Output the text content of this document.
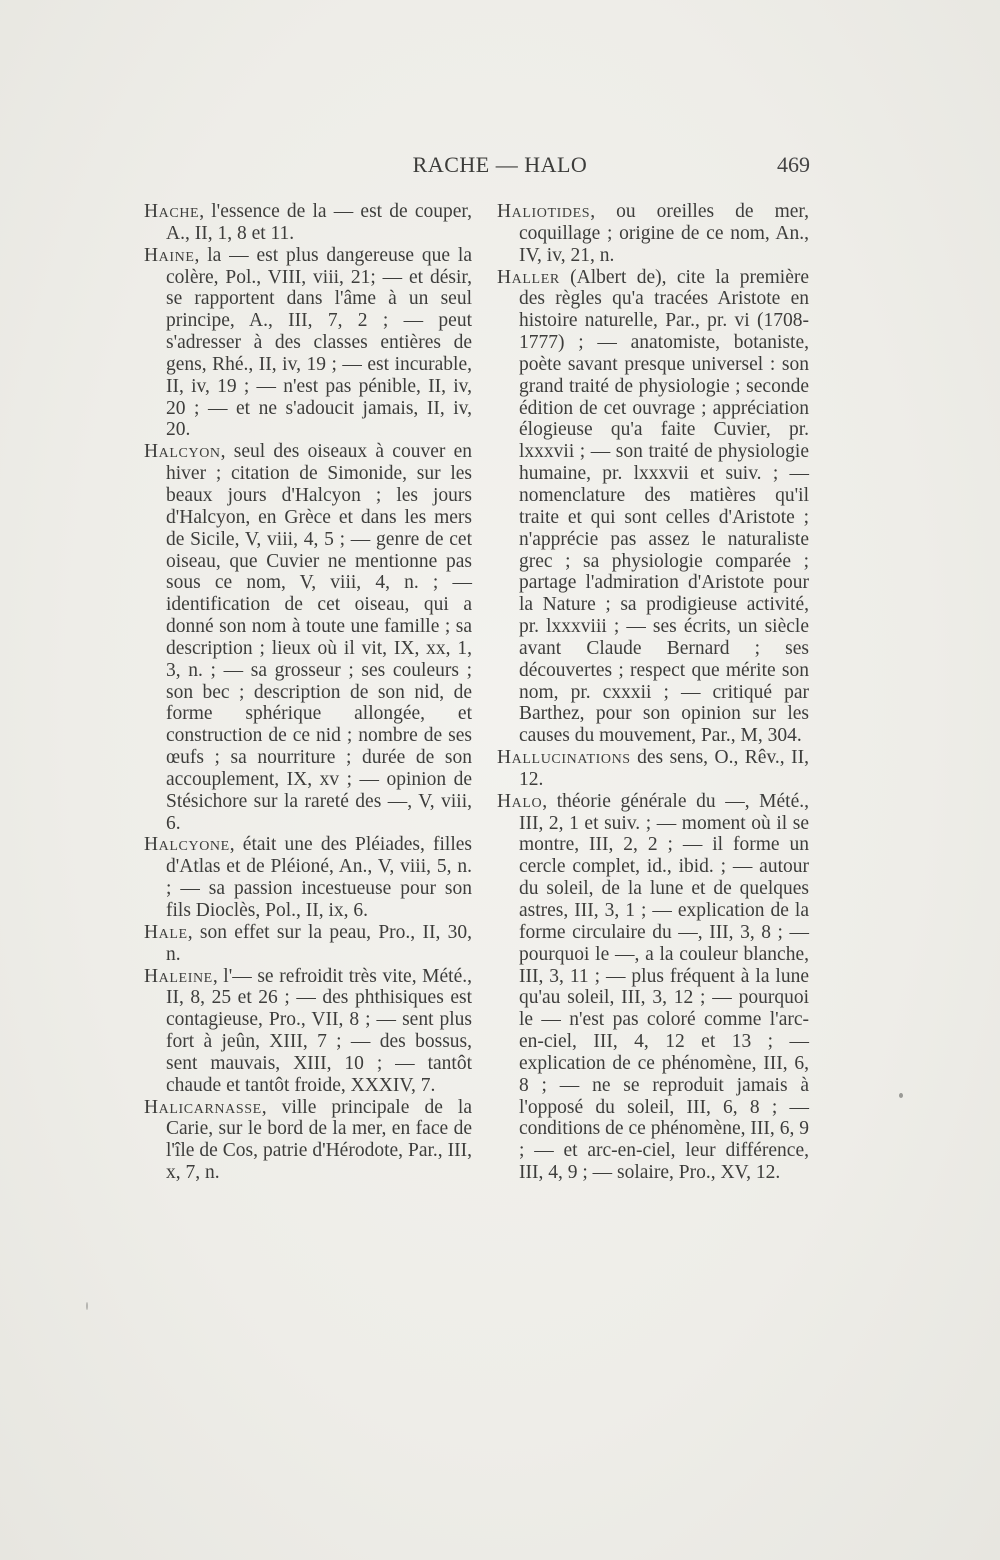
RACHE — HALO	469

Hache, l'essence de la — est de couper, A., II, 1, 8 et 11.

Haine, la — est plus dangereuse que la colère, Pol., VIII, viii, 21; — et désir, se rapportent dans l'âme à un seul principe, A., III, 7, 2 ; — peut s'adresser à des classes entières de gens, Rhé., II, iv, 19 ; — est incurable, II, iv, 19 ; — n'est pas pénible, II, iv, 20 ; — et ne s'adoucit jamais, II, iv, 20.

Halcyon, seul des oiseaux à couver en hiver ; citation de Simonide, sur les beaux jours d'Halcyon ; les jours d'Halcyon, en Grèce et dans les mers de Sicile, V, viii, 4, 5 ; — genre de cet oiseau, que Cuvier ne mentionne pas sous ce nom, V, viii, 4, n. ; — identification de cet oiseau, qui a donné son nom à toute une famille ; sa description ; lieux où il vit, IX, xx, 1, 3, n. ; — sa grosseur ; ses couleurs ; son bec ; description de son nid, de forme sphérique allongée, et construction de ce nid ; nombre de ses œufs ; sa nourriture ; durée de son accouplement, IX, xv ; — opinion de Stésichore sur la rareté des —, V, viii, 6.

Halcyone, était une des Pléiades, filles d'Atlas et de Pléioné, An., V, viii, 5, n. ; — sa passion incestueuse pour son fils Dioclès, Pol., II, ix, 6.

Hale, son effet sur la peau, Pro., II, 30, n.

Haleine, l'— se refroidit très vite, Mété., II, 8, 25 et 26 ; — des phthisiques est contagieuse, Pro., VII, 8 ; — sent plus fort à jeûn, XIII, 7 ; — des bossus, sent mauvais, XIII, 10 ; — tantôt chaude et tantôt froide, XXXIV, 7.

Halicarnasse, ville principale de la Carie, sur le bord de la mer, en face de l'île de Cos, patrie d'Hérodote, Par., III, x, 7, n.

Haliotides, ou oreilles de mer, coquillage ; origine de ce nom, An., IV, iv, 21, n.

Haller (Albert de), cite la première des règles qu'a tracées Aristote en histoire naturelle, Par., pr. vi (1708-1777) ; — anatomiste, botaniste, poète savant presque universel : son grand traité de physiologie ; seconde édition de cet ouvrage ; appréciation élogieuse qu'a faite Cuvier, pr. lxxxvii ; — son traité de physiologie humaine, pr. lxxxvii et suiv. ; — nomenclature des matières qu'il traite et qui sont celles d'Aristote ; n'apprécie pas assez le naturaliste grec ; sa physiologie comparée ; partage l'admiration d'Aristote pour la Nature ; sa prodigieuse activité, pr. lxxxviii ; — ses écrits, un siècle avant Claude Bernard ; ses découvertes ; respect que mérite son nom, pr. cxxxii ; — critiqué par Barthez, pour son opinion sur les causes du mouvement, Par., M, 304.

Hallucinations des sens, O., Rêv., II, 12.

Halo, théorie générale du —, Mété., III, 2, 1 et suiv. ; — moment où il se montre, III, 2, 2 ; — il forme un cercle complet, id., ibid. ; — autour du soleil, de la lune et de quelques astres, III, 3, 1 ; — explication de la forme circulaire du —, III, 3, 8 ; — pourquoi le —, a la couleur blanche, III, 3, 11 ; — plus fréquent à la lune qu'au soleil, III, 3, 12 ; — pourquoi le — n'est pas coloré comme l'arc-en-ciel, III, 4, 12 et 13 ; — explication de ce phénomène, III, 6, 8 ; — ne se reproduit jamais à l'opposé du soleil, III, 6, 8 ; — conditions de ce phénomène, III, 6, 9 ; — et arc-en-ciel, leur différence, III, 4, 9 ; — solaire, Pro., XV, 12.
